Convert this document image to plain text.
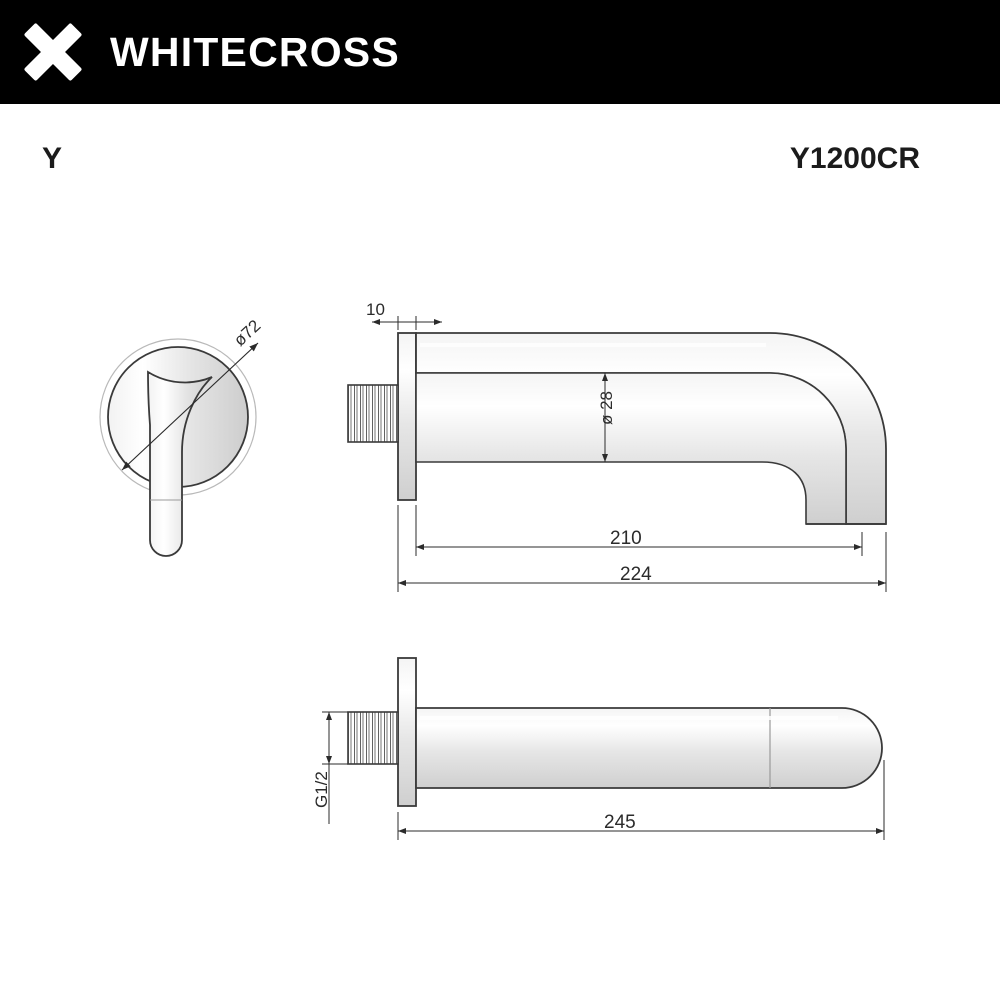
WHITECROSS
Y	Y1200CR
ø72
10
ø 28
210
224
G1/2
245
